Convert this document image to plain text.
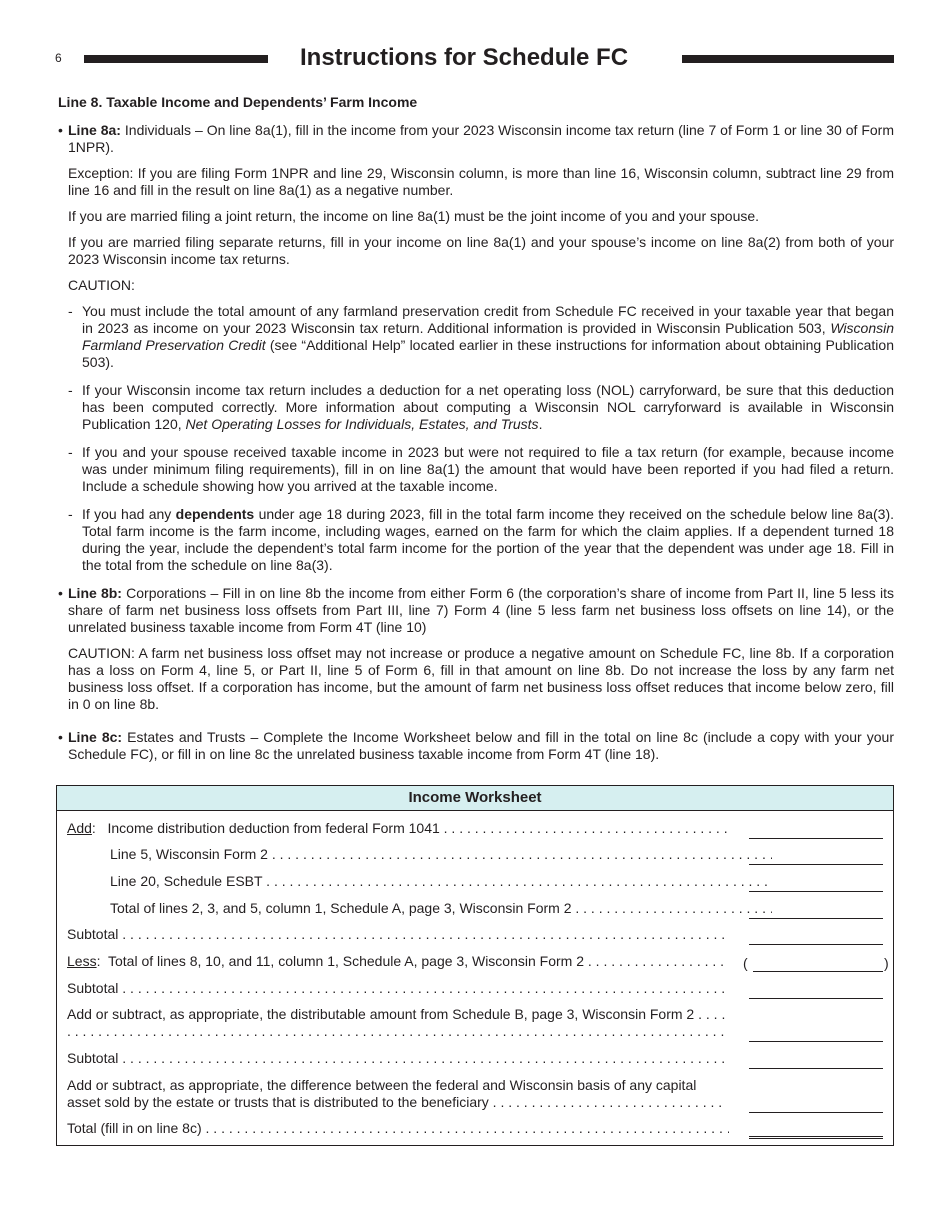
6	Instructions for Schedule FC
Line 8. Taxable Income and Dependents’ Farm Income

• Line 8a: Individuals – On line 8a(1), fill in the income from your 2023 Wisconsin income tax return (line 7 of Form 1 or line 30 of Form 1NPR).

Exception: If you are filing Form 1NPR and line 29, Wisconsin column, is more than line 16, Wisconsin column, subtract line 29 from line 16 and fill in the result on line 8a(1) as a negative number.

If you are married filing a joint return, the income on line 8a(1) must be the joint income of you and your spouse.

If you are married filing separate returns, fill in your income on line 8a(1) and your spouse’s income on line 8a(2) from both of your 2023 Wisconsin income tax returns.

CAUTION:

- You must include the total amount of any farmland preservation credit from Schedule FC received in your taxable year that began in 2023 as income on your 2023 Wisconsin tax return. Additional information is provided in Wisconsin Publication 503, Wisconsin Farmland Preservation Credit (see “Additional Help” located earlier in these instructions for information about obtaining Publication 503).

- If your Wisconsin income tax return includes a deduction for a net operating loss (NOL) carryforward, be sure that this deduction has been computed correctly. More information about computing a Wisconsin NOL carryforward is available in Wisconsin Publication 120, Net Operating Losses for Individuals, Estates, and Trusts.

- If you and your spouse received taxable income in 2023 but were not required to file a tax return (for example, because income was under minimum filing requirements), fill in on line 8a(1) the amount that would have been reported if you had filed a return. Include a schedule showing how you arrived at the taxable income.

- If you had any dependents under age 18 during 2023, fill in the total farm income they received on the schedule below line 8a(3). Total farm income is the farm income, including wages, earned on the farm for which the claim applies. If a dependent turned 18 during the year, include the dependent’s total farm income for the portion of the year that the dependent was under age 18. Fill in the total from the schedule on line 8a(3).

• Line 8b: Corporations – Fill in on line 8b the income from either Form 6 (the corporation’s share of income from Part II, line 5 less its share of farm net business loss offsets from Part III, line 7) Form 4 (line 5 less farm net business loss offsets on line 14), or the unrelated business taxable income from Form 4T (line 10)

CAUTION: A farm net business loss offset may not increase or produce a negative amount on Schedule FC, line 8b. If a corporation has a loss on Form 4, line 5, or Part II, line 5 of Form 6, fill in that amount on line 8b. Do not increase the loss by any farm net business loss offset. If a corporation has income, but the amount of farm net business loss offset reduces that income below zero, fill in 0 on line 8b.

• Line 8c: Estates and Trusts – Complete the Income Worksheet below and fill in the total on line 8c (include a copy with your your Schedule FC), or fill in on line 8c the unrelated business taxable income from Form 4T (line 18).

Income Worksheet
Add:   Income distribution deduction from federal Form 1041 . . .
Line 5, Wisconsin Form 2 . . .
Line 20, Schedule ESBT . . .
Total of lines 2, 3, and 5, column 1, Schedule A, page 3, Wisconsin Form 2 . . .
Subtotal . . .
Less:  Total of lines 8, 10, and 11, column 1, Schedule A, page 3, Wisconsin Form 2 . . .	(	)
Subtotal . . .
Add or subtract, as appropriate, the distributable amount from Schedule B, page 3, Wisconsin Form 2 . . .
Subtotal . . .
Add or subtract, as appropriate, the difference between the federal and Wisconsin basis of any capital asset sold by the estate or trusts that is distributed to the beneficiary . . .
Total (fill in on line 8c) . . .
